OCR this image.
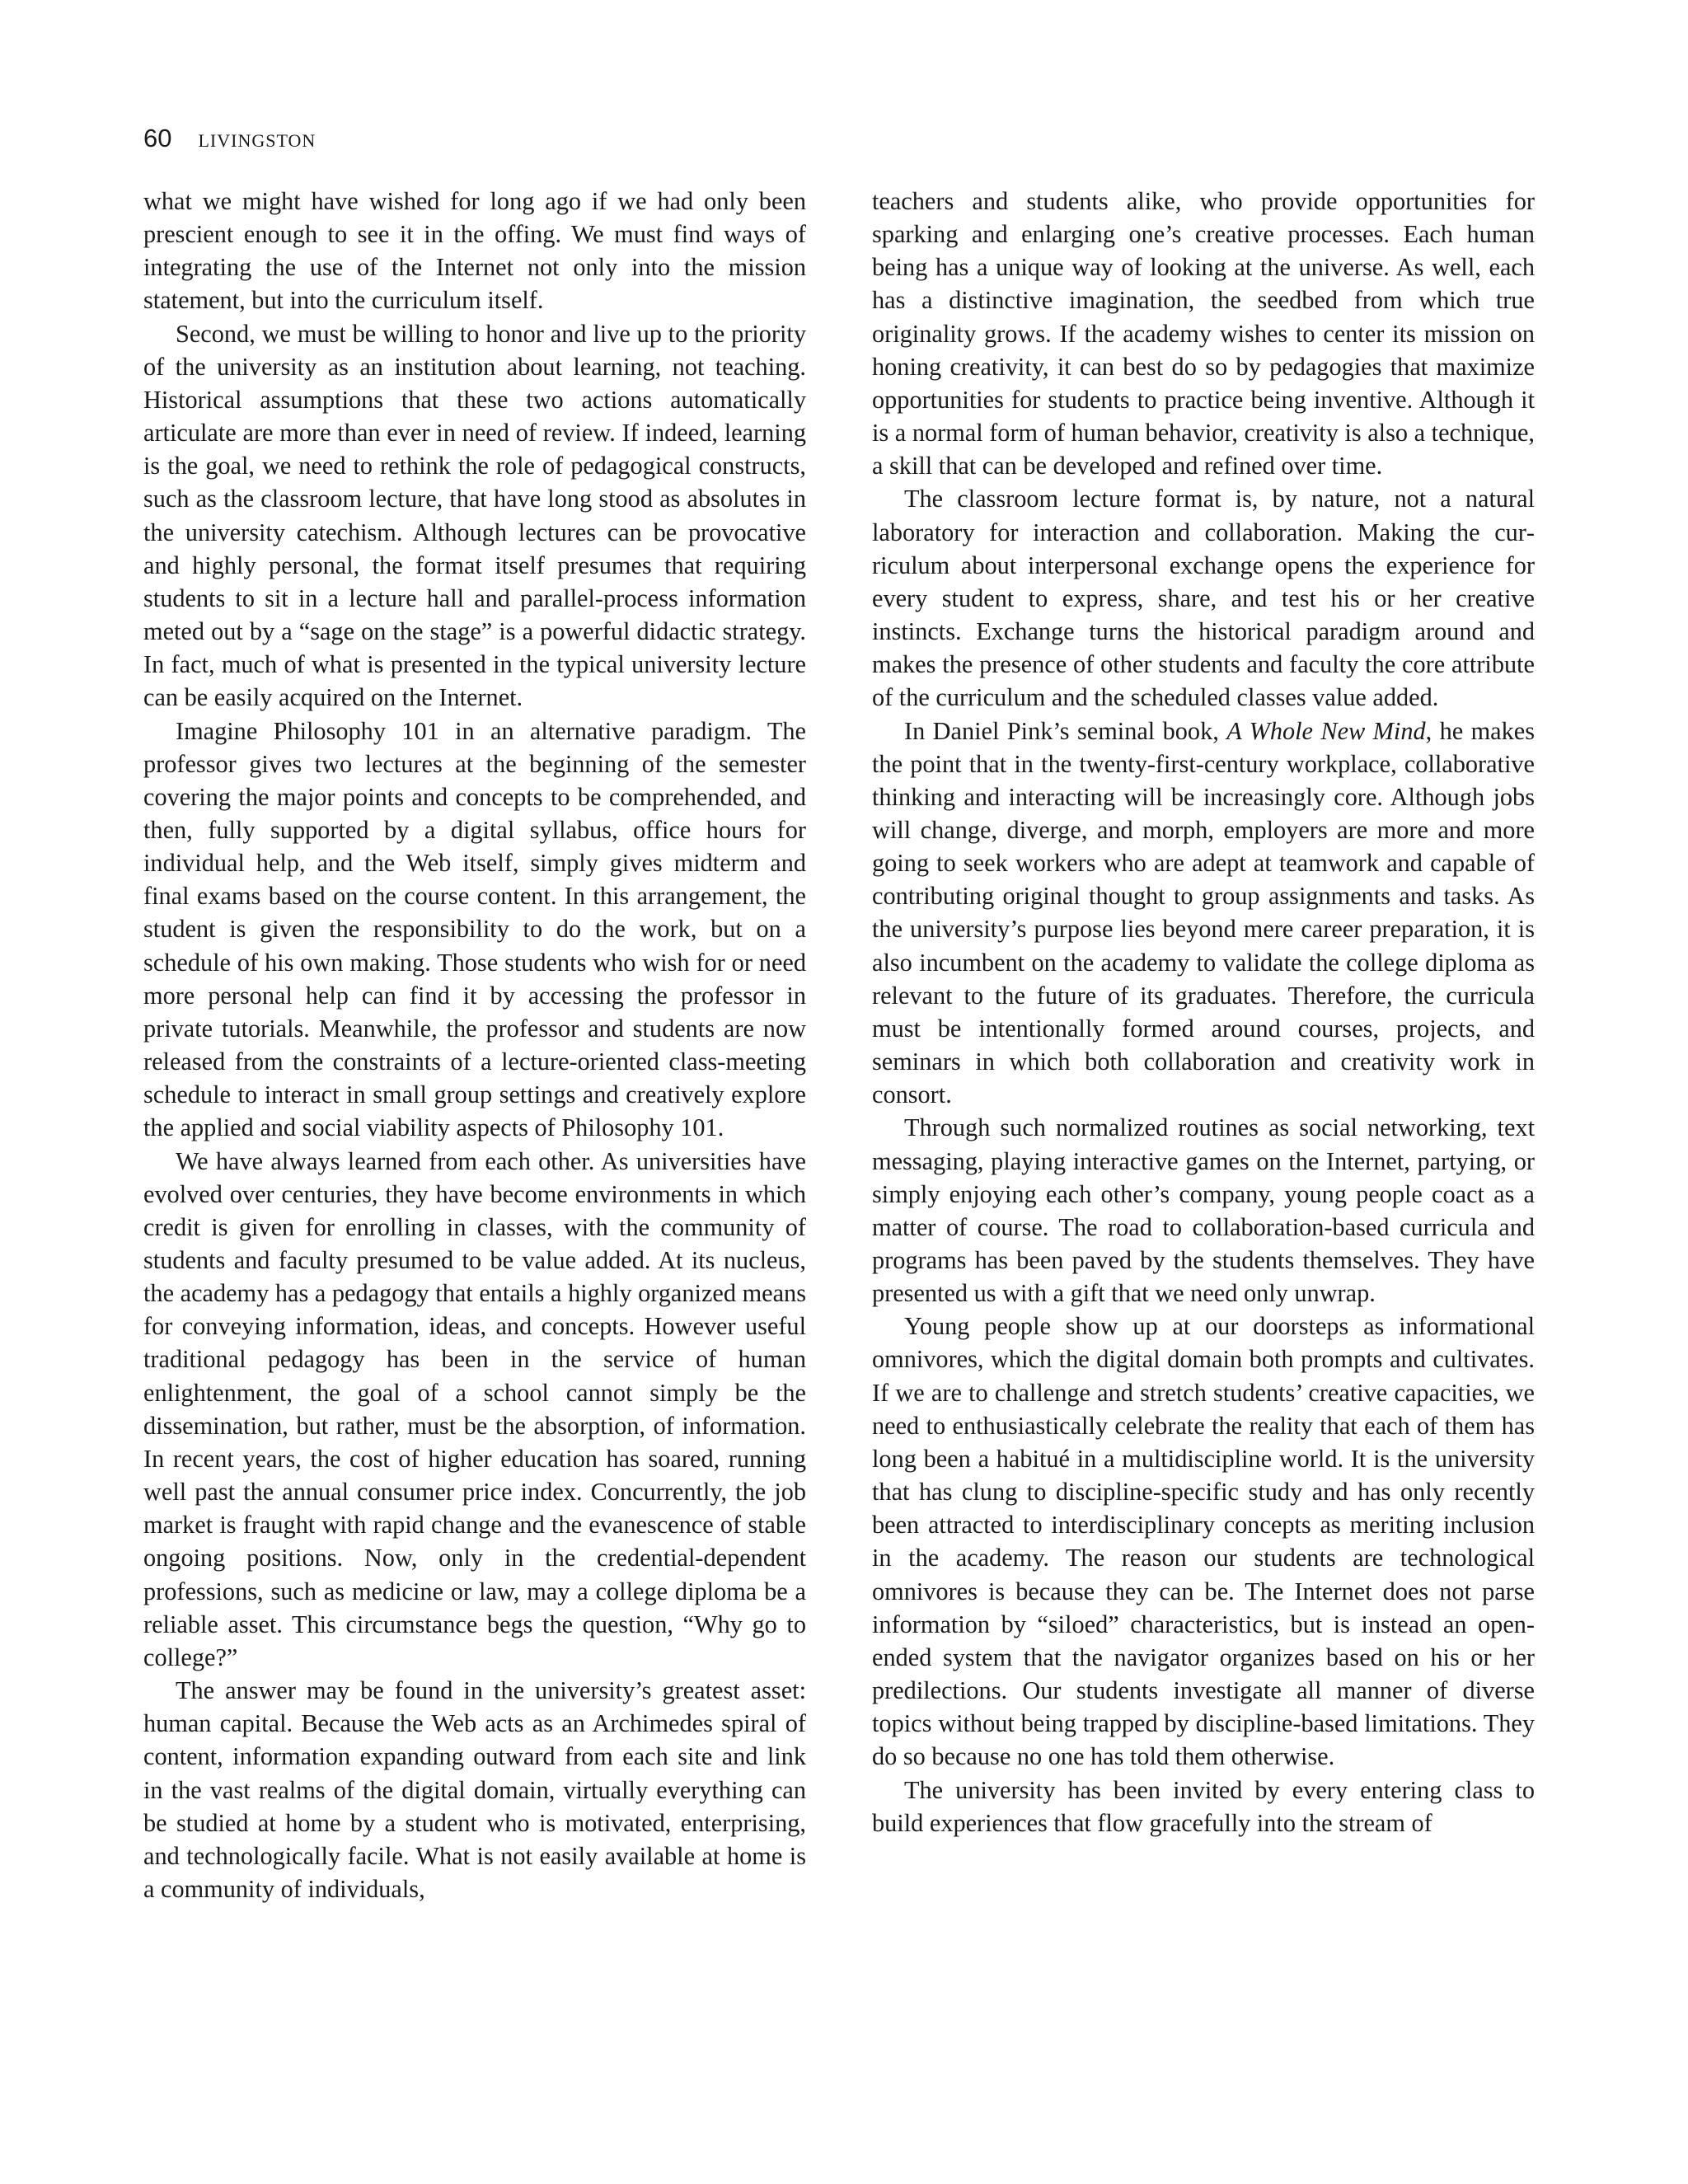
60 LIVINGSTON

what we might have wished for long ago if we had only been prescient enough to see it in the offing. We must find ways of integrating the use of the Internet not only into the mission statement, but into the curriculum itself.

Second, we must be willing to honor and live up to the priority of the university as an institution about learning, not teaching. Historical assumptions that these two actions automatically articulate are more than ever in need of review. If indeed, learning is the goal, we need to rethink the role of pedagogical constructs, such as the classroom lecture, that have long stood as absolutes in the university catechism. Although lectures can be provocative and highly personal, the format itself presumes that requiring students to sit in a lecture hall and parallel-process information meted out by a “sage on the stage” is a powerful didactic strategy. In fact, much of what is presented in the typical university lecture can be easily acquired on the Internet.

Imagine Philosophy 101 in an alternative paradigm. The professor gives two lectures at the beginning of the semester covering the major points and concepts to be comprehended, and then, fully supported by a digital syllabus, office hours for individual help, and the Web itself, simply gives midterm and final exams based on the course content. In this arrangement, the student is given the responsibility to do the work, but on a schedule of his own making. Those students who wish for or need more personal help can find it by accessing the professor in private tutorials. Meanwhile, the professor and students are now released from the constraints of a lecture-oriented class-meeting schedule to interact in small group settings and creatively explore the applied and social viability aspects of Philosophy 101.

We have always learned from each other. As universities have evolved over centuries, they have become environments in which credit is given for enrolling in classes, with the community of students and faculty presumed to be value added. At its nucleus, the academy has a pedagogy that entails a highly organized means for conveying information, ideas, and concepts. However useful traditional pedagogy has been in the service of human enlightenment, the goal of a school cannot simply be the dissemination, but rather, must be the absorption, of information. In recent years, the cost of higher education has soared, running well past the annual consumer price index. Concurrently, the job market is fraught with rapid change and the evanescence of stable ongoing positions. Now, only in the credential-dependent professions, such as medicine or law, may a college diploma be a reliable asset. This circumstance begs the question, “Why go to college?”

The answer may be found in the university’s greatest asset: human capital. Because the Web acts as an Archimedes spiral of content, information expanding outward from each site and link in the vast realms of the digital domain, virtually everything can be studied at home by a student who is motivated, enterprising, and technologically facile. What is not easily available at home is a community of individuals,

teachers and students alike, who provide opportunities for sparking and enlarging one’s creative processes. Each human being has a unique way of looking at the universe. As well, each has a distinctive imagination, the seedbed from which true originality grows. If the academy wishes to center its mission on honing creativity, it can best do so by pedagogies that maximize opportunities for students to practice being inventive. Although it is a normal form of human behavior, creativity is also a technique, a skill that can be developed and refined over time.

The classroom lecture format is, by nature, not a natural laboratory for interaction and collaboration. Making the curriculum about interpersonal exchange opens the experience for every student to express, share, and test his or her creative instincts. Exchange turns the historical paradigm around and makes the presence of other students and faculty the core attribute of the curriculum and the scheduled classes value added.

In Daniel Pink’s seminal book, A Whole New Mind, he makes the point that in the twenty-first-century workplace, collaborative thinking and interacting will be increasingly core. Although jobs will change, diverge, and morph, employers are more and more going to seek workers who are adept at teamwork and capable of contributing original thought to group assignments and tasks. As the university’s purpose lies beyond mere career preparation, it is also incumbent on the academy to validate the college diploma as relevant to the future of its graduates. Therefore, the curricula must be intentionally formed around courses, projects, and seminars in which both collaboration and creativity work in consort.

Through such normalized routines as social networking, text messaging, playing interactive games on the Internet, partying, or simply enjoying each other’s company, young people coact as a matter of course. The road to collaboration-based curricula and programs has been paved by the students themselves. They have presented us with a gift that we need only unwrap.

Young people show up at our doorsteps as informational omnivores, which the digital domain both prompts and cultivates. If we are to challenge and stretch students’ creative capacities, we need to enthusiastically celebrate the reality that each of them has long been a habitué in a multidiscipline world. It is the university that has clung to discipline-specific study and has only recently been attracted to interdisciplinary concepts as meriting inclusion in the academy. The reason our students are technological omnivores is because they can be. The Internet does not parse information by “siloed” characteristics, but is instead an open-ended system that the navigator organizes based on his or her predilections. Our students investigate all manner of diverse topics without being trapped by discipline-based limitations. They do so because no one has told them otherwise.

The university has been invited by every entering class to build experiences that flow gracefully into the stream of
